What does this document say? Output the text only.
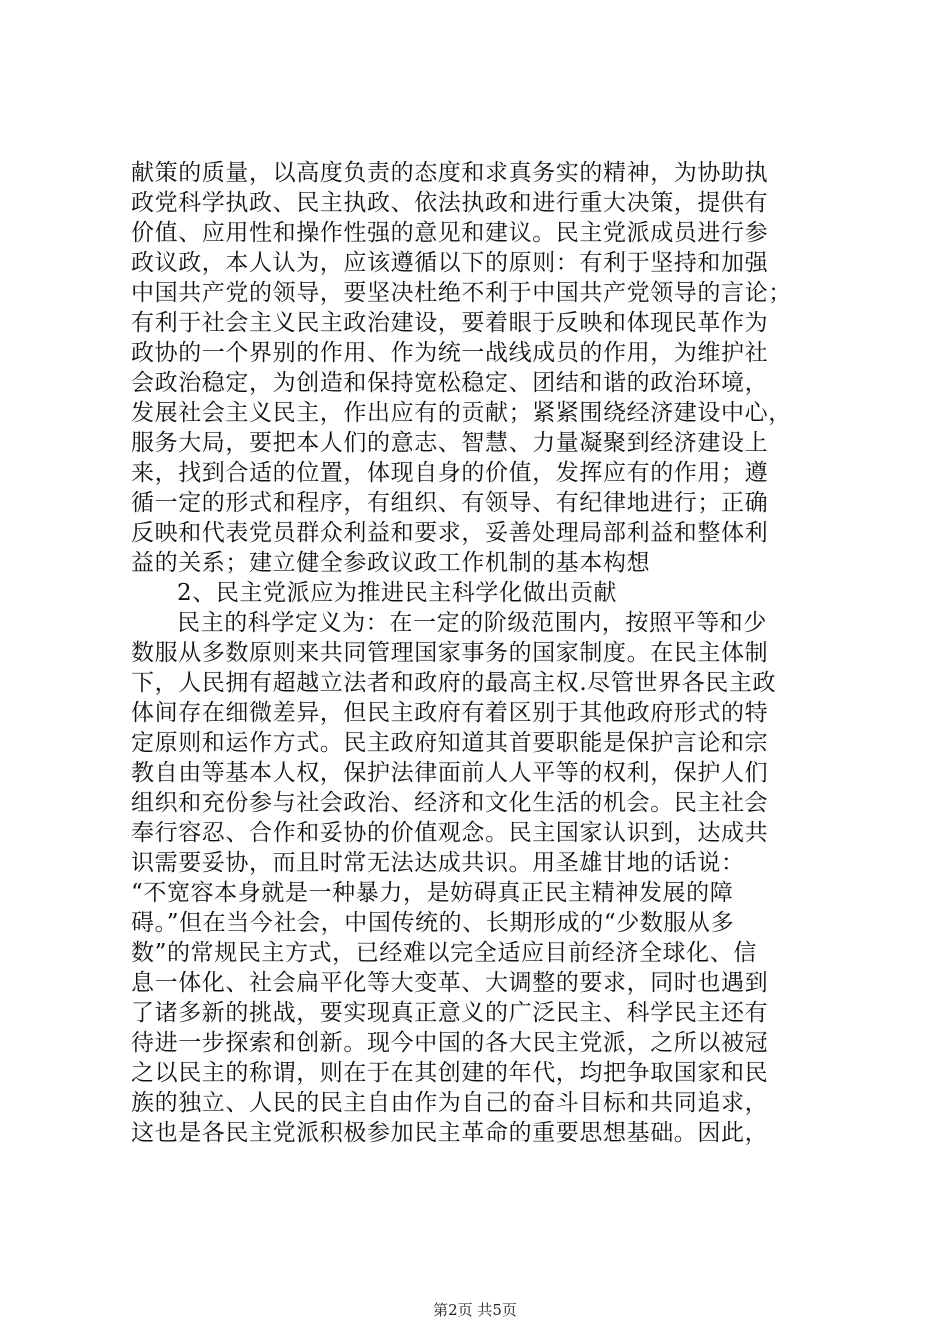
献策的质量，以高度负责的态度和求真务实的精神，为协助执
政党科学执政、民主执政、依法执政和进行重大决策，提供有
价值、应用性和操作性强的意见和建议。民主党派成员进行参
政议政，本人认为，应该遵循以下的原则：有利于坚持和加强
中国共产党的领导，要坚决杜绝不利于中国共产党领导的言论；
有利于社会主义民主政治建设，要着眼于反映和体现民革作为
政协的一个界别的作用、作为统一战线成员的作用，为维护社
会政治稳定，为创造和保持宽松稳定、团结和谐的政治环境，
发展社会主义民主，作出应有的贡献；紧紧围绕经济建设中心，
服务大局，要把本人们的意志、智慧、力量凝聚到经济建设上
来，找到合适的位置，体现自身的价值，发挥应有的作用；遵
循一定的形式和程序，有组织、有领导、有纪律地进行；正确
反映和代表党员群众利益和要求，妥善处理局部利益和整体利
益的关系；建立健全参政议政工作机制的基本构想
2、民主党派应为推进民主科学化做出贡献
民主的科学定义为：在一定的阶级范围内，按照平等和少
数服从多数原则来共同管理国家事务的国家制度。在民主体制
下，人民拥有超越立法者和政府的最高主权.尽管世界各民主政
体间存在细微差异，但民主政府有着区别于其他政府形式的特
定原则和运作方式。民主政府知道其首要职能是保护言论和宗
教自由等基本人权，保护法律面前人人平等的权利，保护人们
组织和充份参与社会政治、经济和文化生活的机会。民主社会
奉行容忍、合作和妥协的价值观念。民主国家认识到，达成共
识需要妥协，而且时常无法达成共识。用圣雄甘地的话说：
“不宽容本身就是一种暴力，是妨碍真正民主精神发展的障
碍。”但在当今社会，中国传统的、长期形成的“少数服从多
数”的常规民主方式，已经难以完全适应目前经济全球化、信
息一体化、社会扁平化等大变革、大调整的要求，同时也遇到
了诸多新的挑战，要实现真正意义的广泛民主、科学民主还有
待进一步探索和创新。现今中国的各大民主党派，之所以被冠
之以民主的称谓，则在于在其创建的年代，均把争取国家和民
族的独立、人民的民主自由作为自己的奋斗目标和共同追求，
这也是各民主党派积极参加民主革命的重要思想基础。因此，
第2页 共5页
